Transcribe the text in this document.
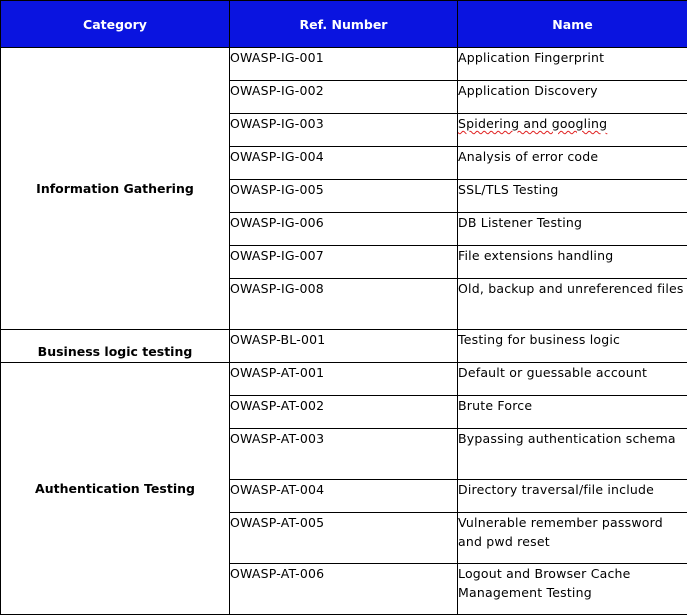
Category	Ref. Number	Name
Information Gathering	OWASP-IG-001	Application Fingerprint
	OWASP-IG-002	Application Discovery
	OWASP-IG-003	Spidering and googling
	OWASP-IG-004	Analysis of error code
	OWASP-IG-005	SSL/TLS Testing
	OWASP-IG-006	DB Listener Testing
	OWASP-IG-007	File extensions handling
	OWASP-IG-008	Old, backup and unreferenced files
Business logic testing	OWASP-BL-001	Testing for business logic
Authentication Testing	OWASP-AT-001	Default or guessable account
	OWASP-AT-002	Brute Force
	OWASP-AT-003	Bypassing authentication schema
	OWASP-AT-004	Directory traversal/file include
	OWASP-AT-005	Vulnerable remember password and pwd reset
	OWASP-AT-006	Logout and Browser Cache Management Testing
